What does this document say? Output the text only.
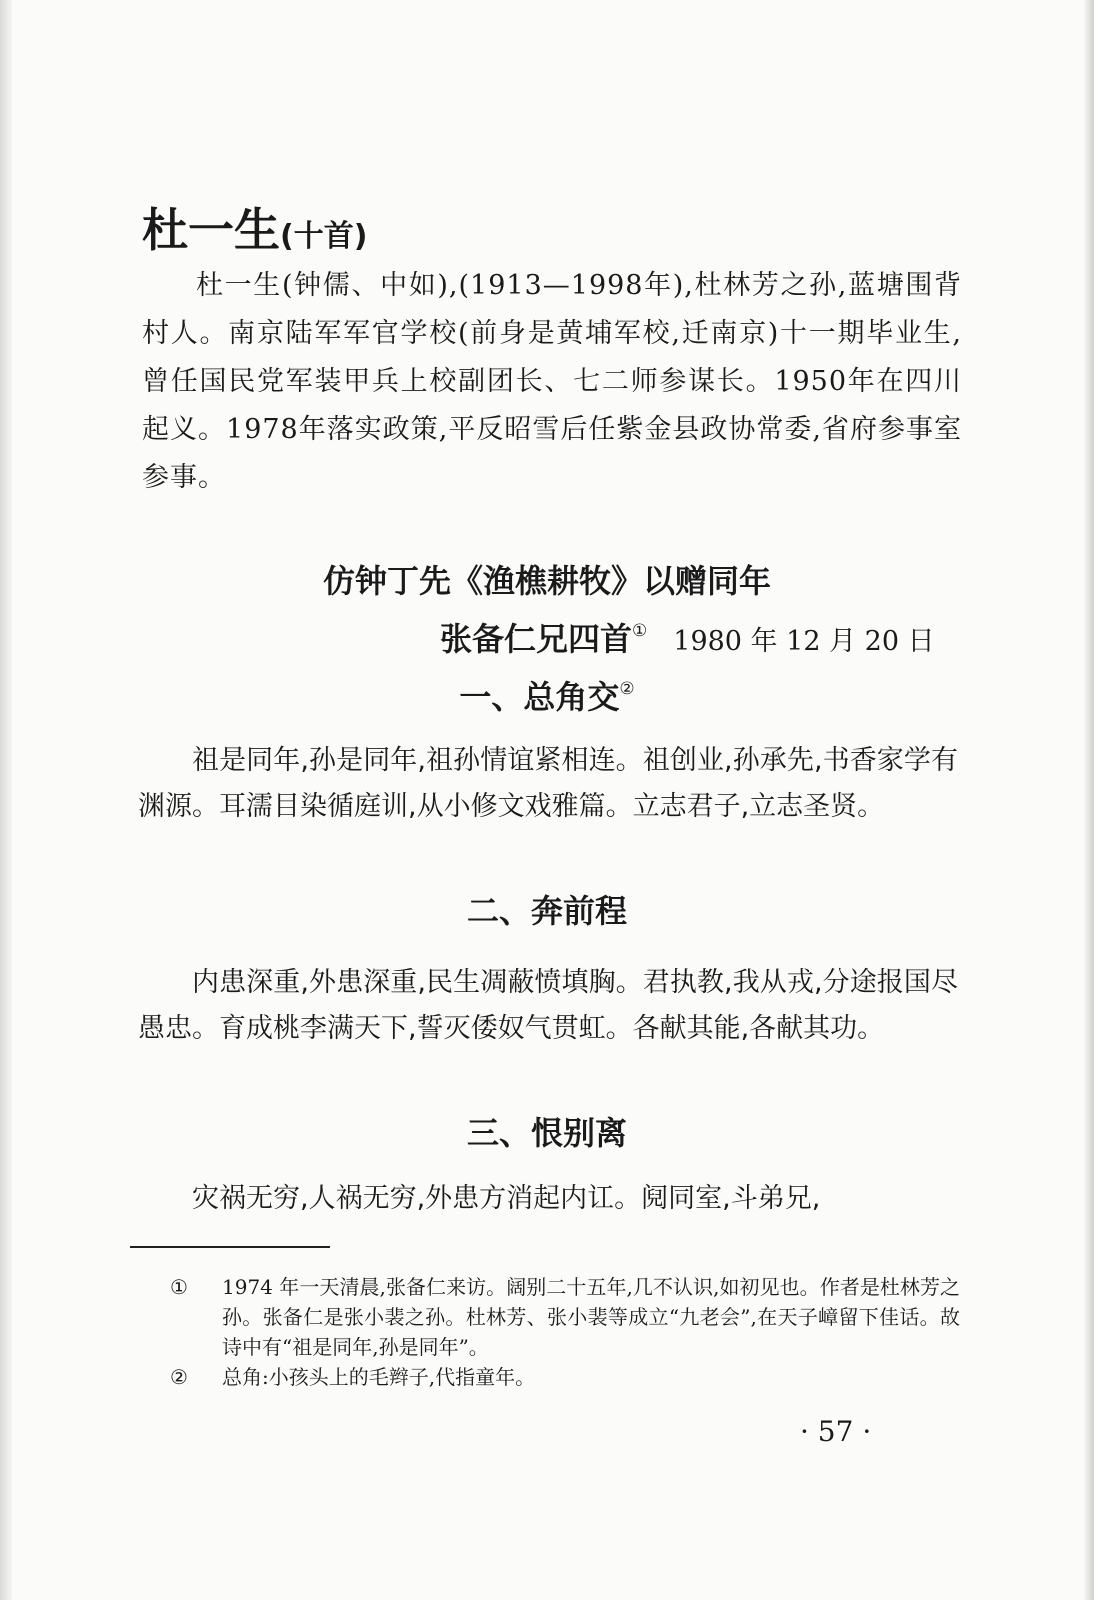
杜一生(十首)
杜一生(钟儒、中如),(1913—1998年),杜林芳之孙,蓝塘围背村人。南京陆军军官学校(前身是黄埔军校,迁南京)十一期毕业生,曾任国民党军装甲兵上校副团长、七二师参谋长。1950年在四川起义。1978年落实政策,平反昭雪后任紫金县政协常委,省府参事室参事。
仿钟丁先《渔樵耕牧》以赠同年
张备仁兄四首① 1980 年 12 月 20 日
一、总角交②
祖是同年,孙是同年,祖孙情谊紧相连。祖创业,孙承先,书香家学有渊源。耳濡目染循庭训,从小修文戏雅篇。立志君子,立志圣贤。
二、奔前程
内患深重,外患深重,民生凋蔽愤填胸。君执教,我从戎,分途报国尽愚忠。育成桃李满天下,誓灭倭奴气贯虹。各献其能,各献其功。
三、恨别离
灾祸无穷,人祸无穷,外患方消起内讧。阋同室,斗弟兄,
① 1974 年一天清晨,张备仁来访。阔别二十五年,几不认识,如初见也。作者是杜林芳之孙。张备仁是张小裴之孙。杜林芳、张小裴等成立“九老会”,在天子嶂留下佳话。故诗中有“祖是同年,孙是同年”。
② 总角:小孩头上的毛辫子,代指童年。
· 57 ·
